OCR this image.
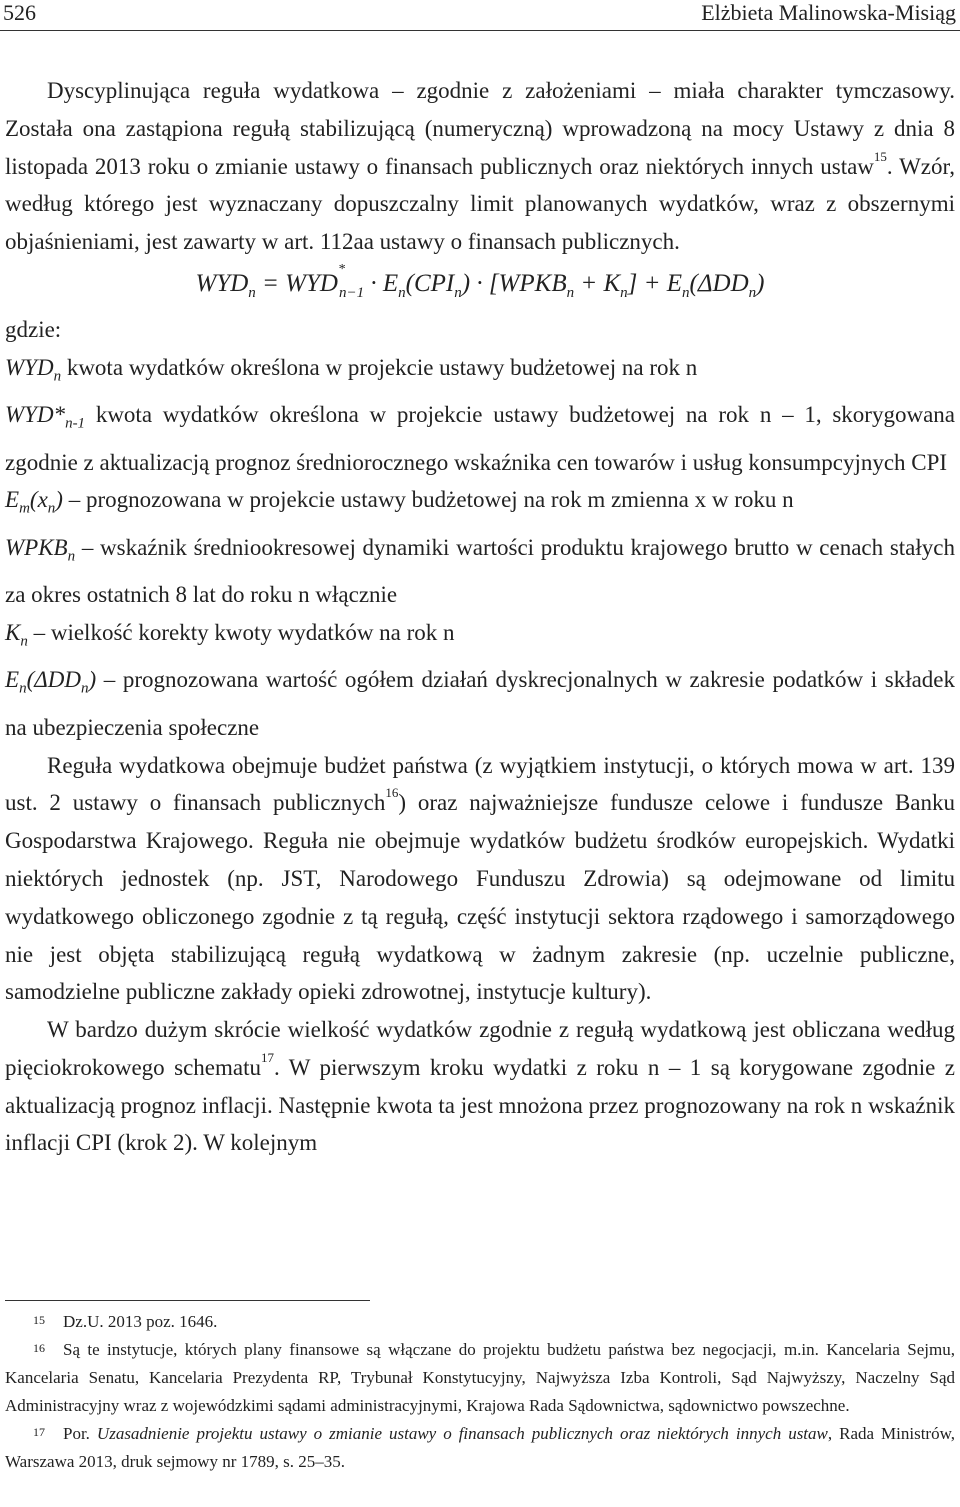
526	Elżbieta Malinowska-Misiąg

Dyscyplinująca reguła wydatkowa – zgodnie z założeniami – miała charakter tymczasowy. Została ona zastąpiona regułą stabilizującą (numeryczną) wprowadzoną na mocy Ustawy z dnia 8 listopada 2013 roku o zmianie ustawy o finansach publicznych oraz niektórych innych ustaw$^{15}$. Wzór, według którego jest wyznaczany dopuszczalny limit planowanych wydatków, wraz z obszernymi objaśnieniami, jest zawarty w art. 112aa ustawy o finansach publicznych.

$WYD_n = WYD^*_{n-1} \cdot E_n(CPI_n)$ · $[WPKB_n + K_n] + E_n(\Delta DD_n)$

gdzie:

$WYD_n$ kwota wydatków określona w projekcie ustawy budżetowej na rok n

$WYD*_{n-1}$ kwota wydatków określona w projekcie ustawy budżetowej na rok n – 1, skorygowana zgodnie z aktualizacją prognoz średniorocznego wskaźnika cen towarów i usług konsumpcyjnych CPI

$E_m(x_n)$ – prognozowana w projekcie ustawy budżetowej na rok m zmienna x w roku n

$WPKB_n$ – wskaźnik średniookresowej dynamiki wartości produktu krajowego brutto w cenach stałych za okres ostatnich 8 lat do roku n włącznie

$K_n$ – wielkość korekty kwoty wydatków na rok n

$E_n(\Delta DD_n)$ – prognozowana wartość ogółem działań dyskrecjonalnych w zakresie podatków i składek na ubezpieczenia społeczne

Reguła wydatkowa obejmuje budżet państwa (z wyjątkiem instytucji, o których mowa w art. 139 ust. 2 ustawy o finansach publicznych$^{16}$) oraz najważniejsze fundusze celowe i fundusze Banku Gospodarstwa Krajowego. Reguła nie obejmuje wydatków budżetu środków europejskich. Wydatki niektórych jednostek (np. JST, Narodowego Funduszu Zdrowia) są odejmowane od limitu wydatkowego obliczonego zgodnie z tą regułą, część instytucji sektora rządowego i samorządowego nie jest objęta stabilizującą regułą wydatkową w żadnym zakresie (np. uczelnie publiczne, samodzielne publiczne zakłady opieki zdrowotnej, instytucje kultury).

W bardzo dużym skrócie wielkość wydatków zgodnie z regułą wydatkową jest obliczana według pięciokrokowego schematu$^{17}$. W pierwszym kroku wydatki z roku n – 1 są korygowane zgodnie z aktualizacją prognoz inflacji. Następnie kwota ta jest mnożona przez prognozowany na rok n wskaźnik inflacji CPI (krok 2). W kolejnym

15 Dz.U. 2013 poz. 1646.

16 Są te instytucje, których plany finansowe są włączane do projektu budżetu państwa bez negocjacji, m.in. Kancelaria Sejmu, Kancelaria Senatu, Kancelaria Prezydenta RP, Trybunał Konstytucyjny, Najwyższa Izba Kontroli, Sąd Najwyższy, Naczelny Sąd Administracyjny wraz z wojewódzkimi sądami administracyjnymi, Krajowa Rada Sądownictwa, sądownictwo powszechne.

17 Por. Uzasadnienie projektu ustawy o zmianie ustawy o finansach publicznych oraz niektórych innych ustaw, Rada Ministrów, Warszawa 2013, druk sejmowy nr 1789, s. 25–35.
